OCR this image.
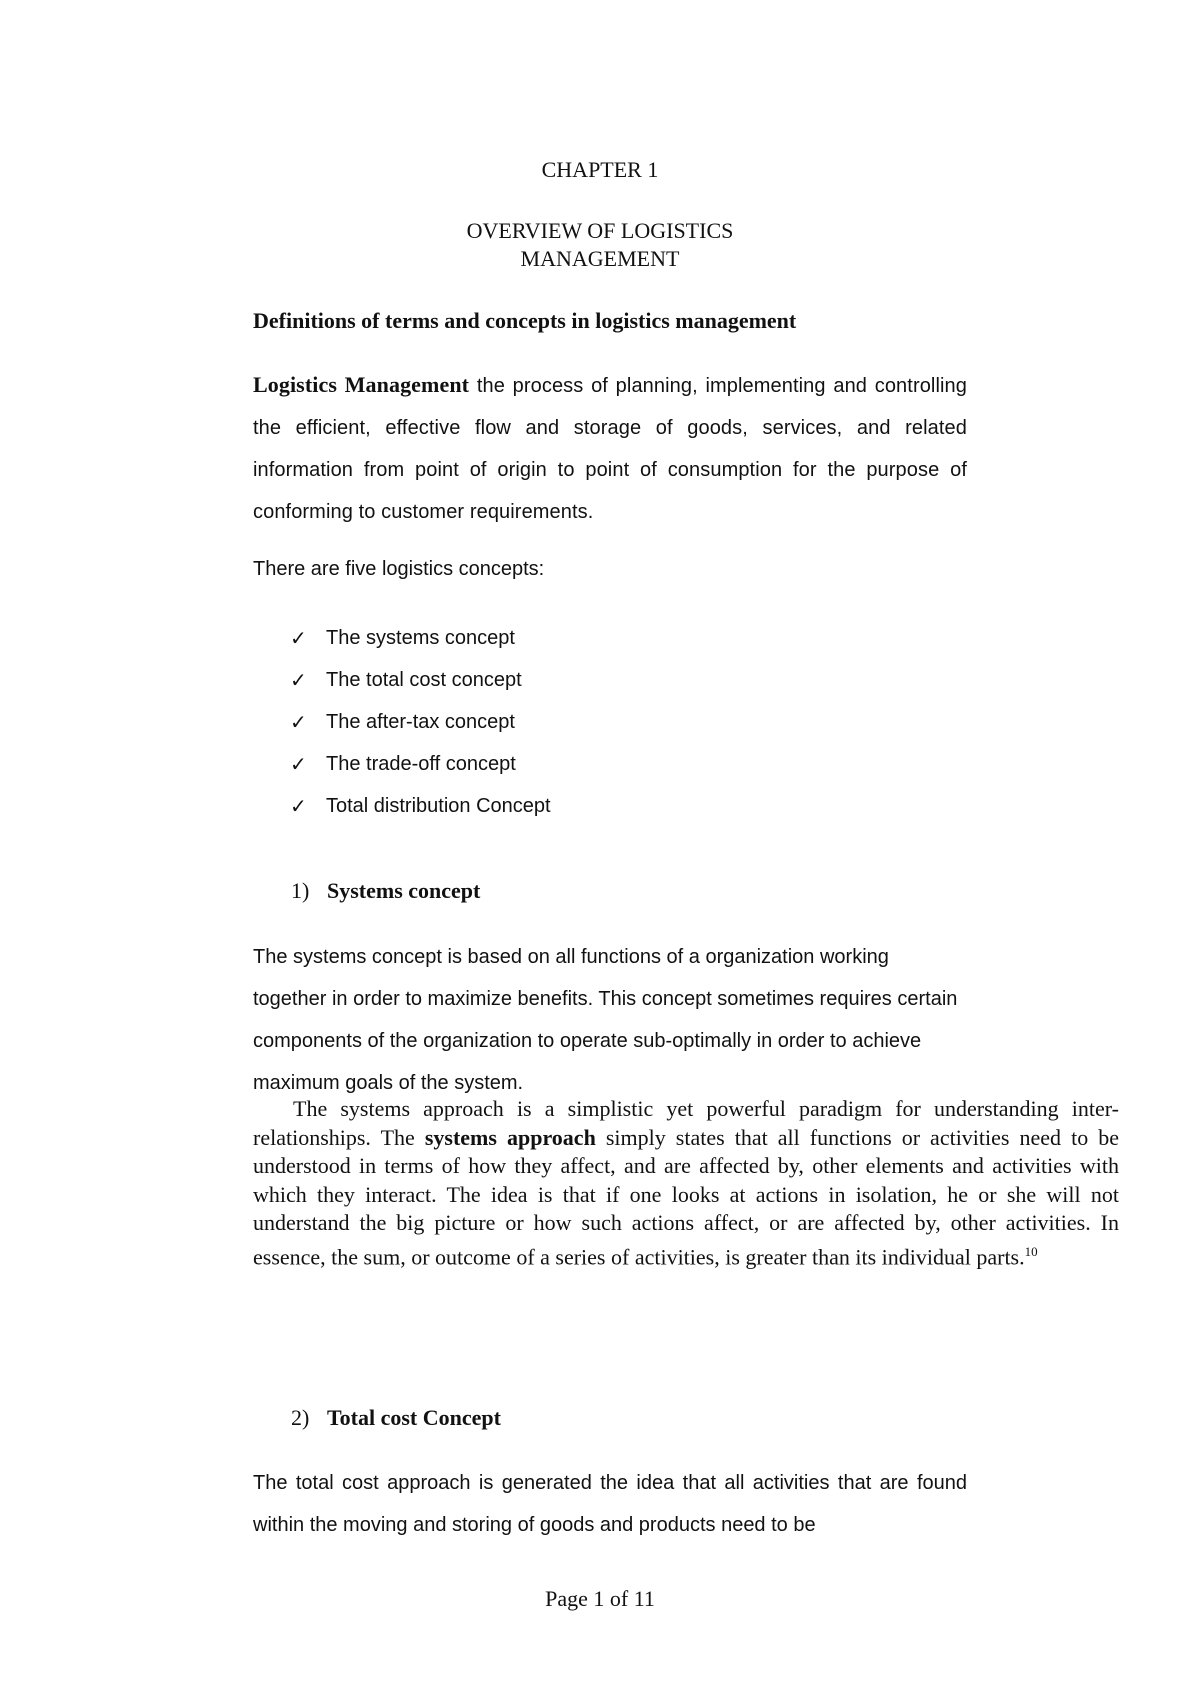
CHAPTER 1
OVERVIEW OF LOGISTICS
MANAGEMENT
Definitions of terms and concepts in logistics management
Logistics Management the process of planning, implementing and controlling the efficient, effective flow and storage of goods, services, and related information from point of origin to point of consumption for the purpose of conforming to customer requirements.
There are five logistics concepts:
✓ The systems concept
✓ The total cost concept
✓ The after-tax concept
✓ The trade-off concept
✓ Total distribution Concept
1) Systems concept
The systems concept is based on all functions of a organization working together in order to maximize benefits. This concept sometimes requires certain components of the organization to operate sub-optimally in order to achieve maximum goals of the system.
The systems approach is a simplistic yet powerful paradigm for understanding inter-relationships. The systems approach simply states that all functions or activities need to be understood in terms of how they affect, and are affected by, other elements and activities with which they interact. The idea is that if one looks at actions in isolation, he or she will not understand the big picture or how such actions affect, or are affected by, other activities. In essence, the sum, or outcome of a series of activities, is greater than its individual parts.$^{10}$
2) Total cost Concept
The total cost approach is generated the idea that all activities that are found within the moving and storing of goods and products need to be
Page 1 of 11
